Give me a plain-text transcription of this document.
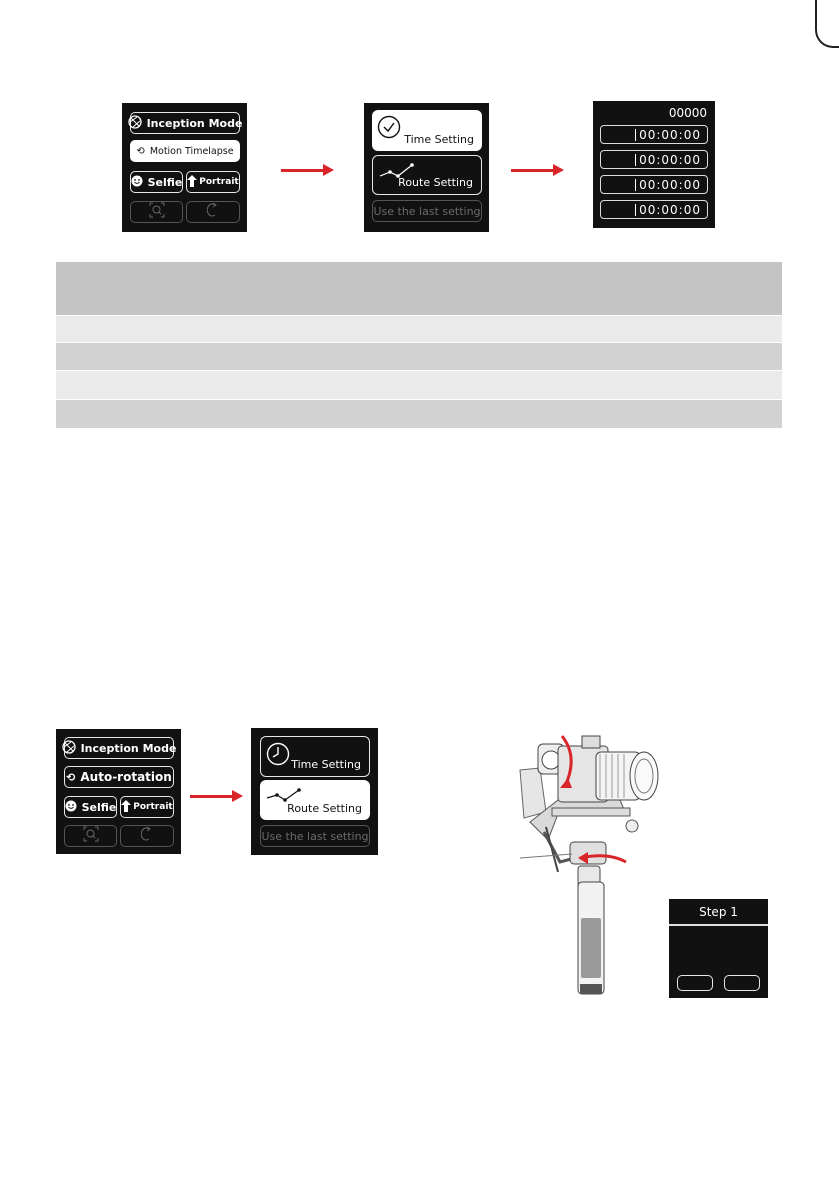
Inception Mode
⟲ Motion Timelapse
Selfie Portrait
Time Setting
Route Setting
Use the last setting
00000
00:00:00
00:00:00
00:00:00
00:00:00
Inception Mode
⟲ Auto-rotation
Selfie Portrait
Time Setting
Route Setting
Use the last setting
Step 1
